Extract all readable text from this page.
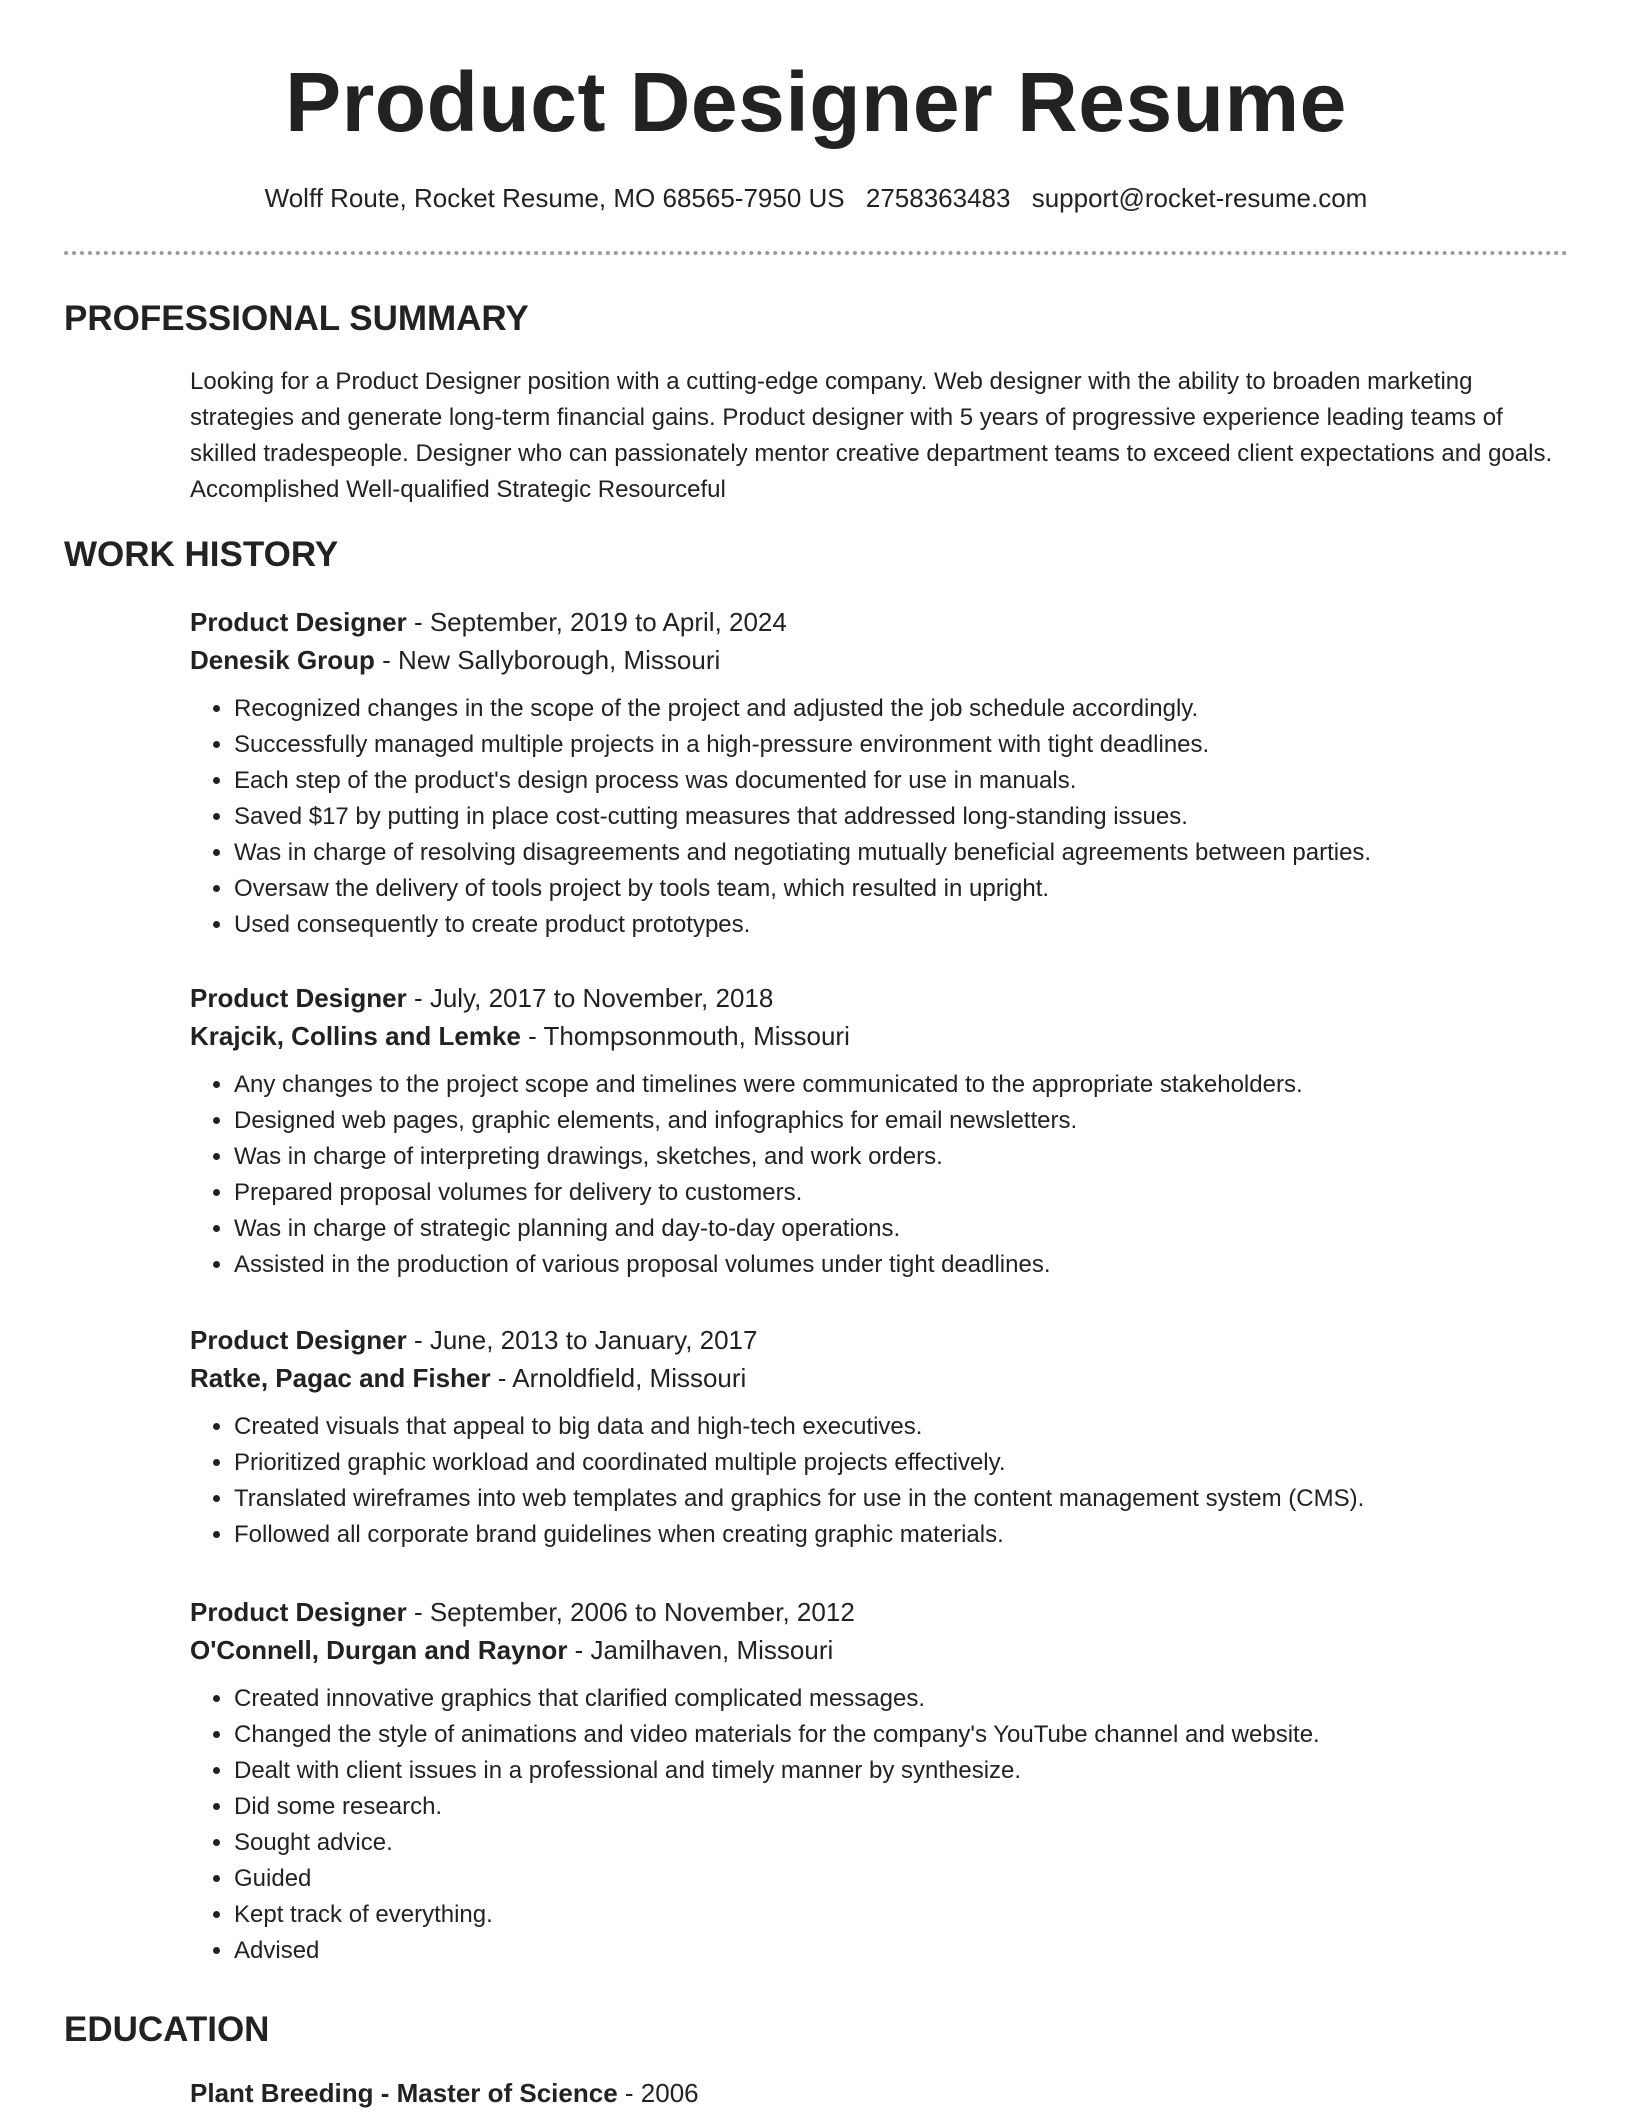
Product Designer Resume
Wolff Route, Rocket Resume, MO 68565-7950 US 2758363483 support@rocket-resume.com
PROFESSIONAL SUMMARY
Looking for a Product Designer position with a cutting-edge company. Web designer with the ability to broaden marketing strategies and generate long-term financial gains. Product designer with 5 years of progressive experience leading teams of skilled tradespeople. Designer who can passionately mentor creative department teams to exceed client expectations and goals. Accomplished Well-qualified Strategic Resourceful
WORK HISTORY
Product Designer - September, 2019 to April, 2024
Denesik Group - New Sallyborough, Missouri
• Recognized changes in the scope of the project and adjusted the job schedule accordingly.
• Successfully managed multiple projects in a high-pressure environment with tight deadlines.
• Each step of the product's design process was documented for use in manuals.
• Saved $17 by putting in place cost-cutting measures that addressed long-standing issues.
• Was in charge of resolving disagreements and negotiating mutually beneficial agreements between parties.
• Oversaw the delivery of tools project by tools team, which resulted in upright.
• Used consequently to create product prototypes.
Product Designer - July, 2017 to November, 2018
Krajcik, Collins and Lemke - Thompsonmouth, Missouri
• Any changes to the project scope and timelines were communicated to the appropriate stakeholders.
• Designed web pages, graphic elements, and infographics for email newsletters.
• Was in charge of interpreting drawings, sketches, and work orders.
• Prepared proposal volumes for delivery to customers.
• Was in charge of strategic planning and day-to-day operations.
• Assisted in the production of various proposal volumes under tight deadlines.
Product Designer - June, 2013 to January, 2017
Ratke, Pagac and Fisher - Arnoldfield, Missouri
• Created visuals that appeal to big data and high-tech executives.
• Prioritized graphic workload and coordinated multiple projects effectively.
• Translated wireframes into web templates and graphics for use in the content management system (CMS).
• Followed all corporate brand guidelines when creating graphic materials.
Product Designer - September, 2006 to November, 2012
O'Connell, Durgan and Raynor - Jamilhaven, Missouri
• Created innovative graphics that clarified complicated messages.
• Changed the style of animations and video materials for the company's YouTube channel and website.
• Dealt with client issues in a professional and timely manner by synthesize.
• Did some research.
• Sought advice.
• Guided
• Kept track of everything.
• Advised
EDUCATION
Plant Breeding - Master of Science - 2006
